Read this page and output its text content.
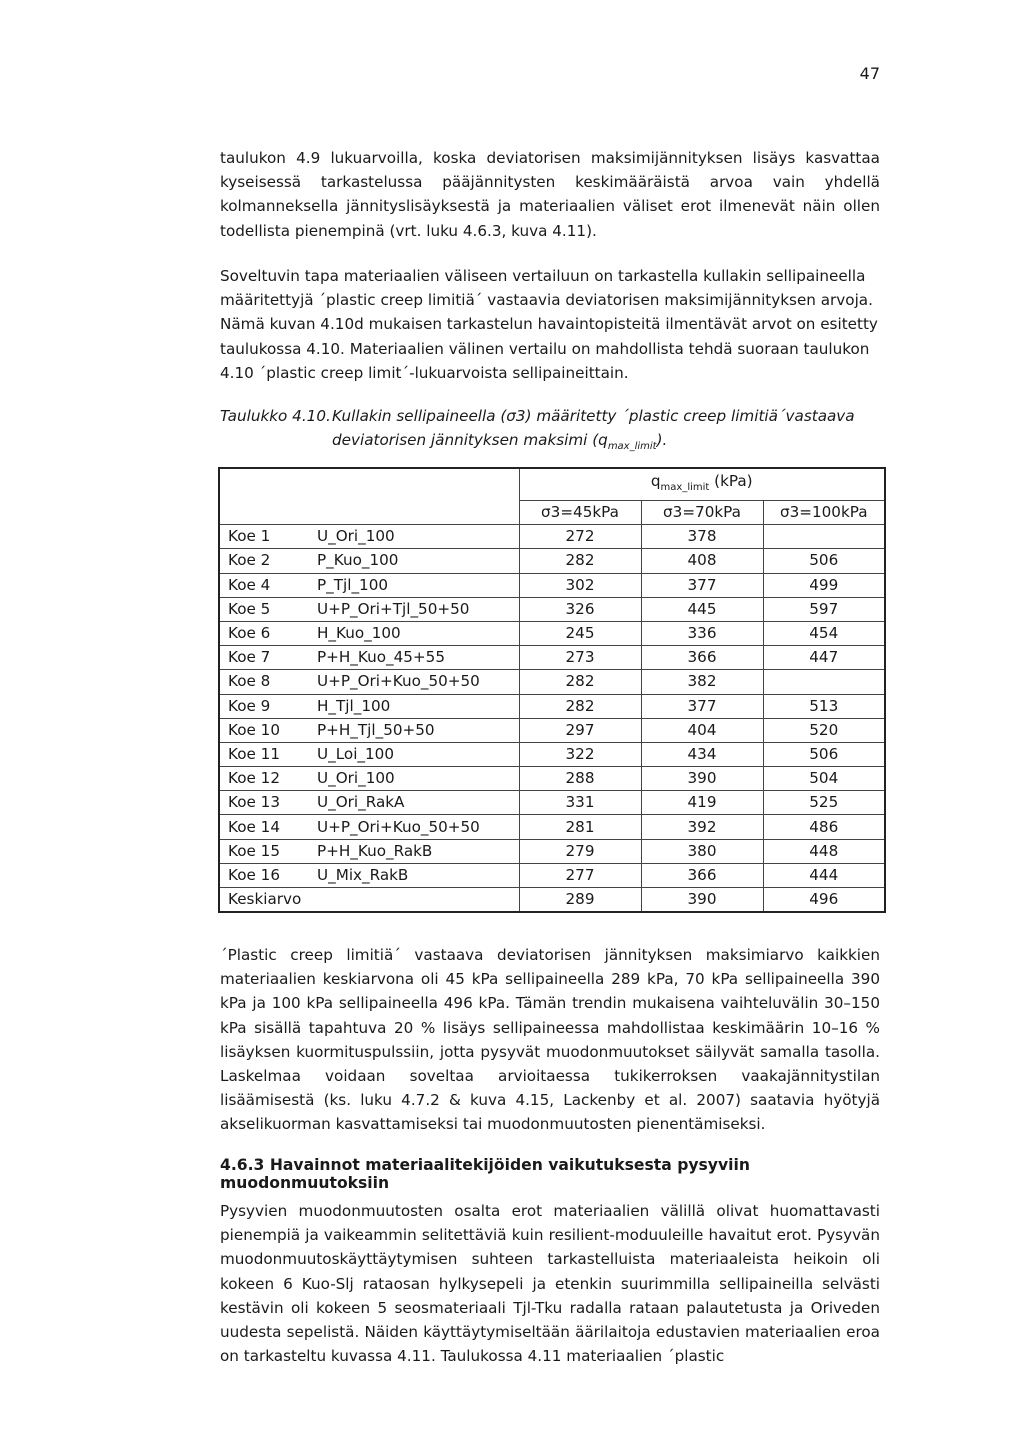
47

taulukon 4.9 lukuarvoilla, koska deviatorisen maksimijännityksen lisäys kasvattaa kyseisessä tarkastelussa pääjännitysten keskimääräistä arvoa vain yhdellä kolmanneksella jännityslisäyksestä ja materiaalien väliset erot ilmenevät näin ollen todellista pienempinä (vrt. luku 4.6.3, kuva 4.11).

Soveltuvin tapa materiaalien väliseen vertailuun on tarkastella kullakin sellipaineella määritettyjä ´plastic creep limitiä´ vastaavia deviatorisen maksimijännityksen arvoja. Nämä kuvan 4.10d mukaisen tarkastelun havaintopisteitä ilmentävät arvot on esitetty taulukossa 4.10. Materiaalien välinen vertailu on mahdollista tehdä suoraan taulukon 4.10 ´plastic creep limit´-lukuarvoista sellipaineittain.

Taulukko 4.10.Kullakin sellipaineella (σ3) määritetty ´plastic creep limitiä´vastaava
deviatorisen jännityksen maksimi $(q_{max\_limit})$.
		$q_{max\_limit}$ (kPa)		
		σ3=45kPa	σ3=70kPa	σ3=100kPa
Koe 1	U_Ori_100	272	378	
Koe 2	P_Kuo_100	282	408	506
Koe 4	P_Tjl_100	302	377	499
Koe 5	U+P_Ori+Tjl_50+50	326	445	597
Koe 6	H_Kuo_100	245	336	454
Koe 7	P+H_Kuo_45+55	273	366	447
Koe 8	U+P_Ori+Kuo_50+50	282	382	
Koe 9	H_Tjl_100	282	377	513
Koe 10	P+H_Tjl_50+50	297	404	520
Koe 11	U_Loi_100	322	434	506
Koe 12	U_Ori_100	288	390	504
Koe 13	U_Ori_RakA	331	419	525
Koe 14	U+P_Ori+Kuo_50+50	281	392	486
Koe 15	P+H_Kuo_RakB	279	380	448
Koe 16	U_Mix_RakB	277	366	444
Keskiarvo		289	390	496

´Plastic creep limitiä´ vastaava deviatorisen jännityksen maksimiarvo kaikkien materiaalien keskiarvona oli 45 kPa sellipaineella 289 kPa, 70 kPa sellipaineella 390 kPa ja 100 kPa sellipaineella 496 kPa. Tämän trendin mukaisena vaihteluvälin 30–150 kPa sisällä tapahtuva 20 % lisäys sellipaineessa mahdollistaa keskimäärin 10–16 % lisäyksen kuormituspulssiin, jotta pysyvät muodonmuutokset säilyvät samalla tasolla. Laskelmaa voidaan soveltaa arvioitaessa tukikerroksen vaakajännitystilan lisäämisestä (ks. luku 4.7.2 & kuva 4.15, Lackenby et al. 2007) saatavia hyötyjä akselikuorman kasvattamiseksi tai muodonmuutosten pienentämiseksi.

4.6.3 Havainnot materiaalitekijöiden vaikutuksesta pysyviin muodonmuutoksiin

Pysyvien muodonmuutosten osalta erot materiaalien välillä olivat huomattavasti pienempiä ja vaikeammin selitettäviä kuin resilient-moduuleille havaitut erot. Pysyvän muodonmuutoskäyttäytymisen suhteen tarkastelluista materiaaleista heikoin oli kokeen 6 Kuo-Slj rataosan hylkysepeli ja etenkin suurimmilla sellipaineilla selvästi kestävin oli kokeen 5 seosmateriaali Tjl-Tku radalla rataan palautetusta ja Oriveden uudesta sepelistä. Näiden käyttäytymiseltään äärilaitoja edustavien materiaalien eroa on tarkasteltu kuvassa 4.11. Taulukossa 4.11 materiaalien ´plastic
